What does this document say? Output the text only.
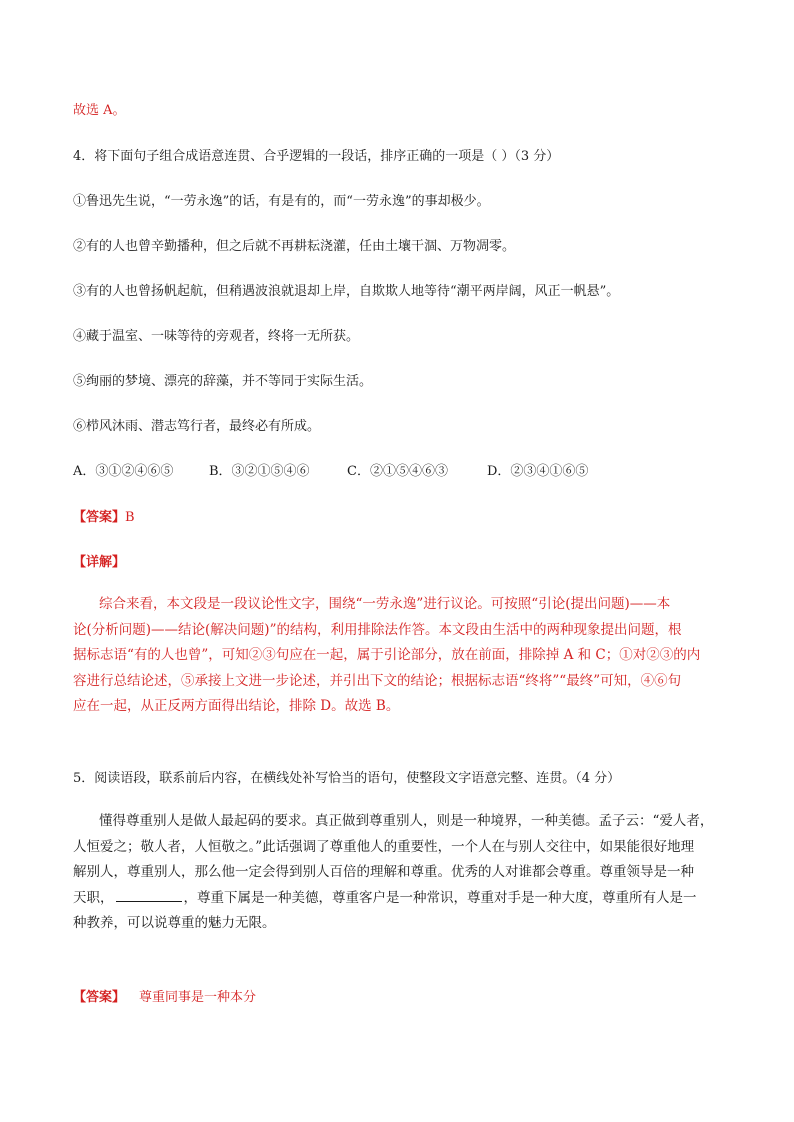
故选 A。
4．将下面句子组合成语意连贯、合乎逻辑的一段话，排序正确的一项是（ ）（3 分）
①鲁迅先生说，“一劳永逸”的话，有是有的，而“一劳永逸”的事却极少。
②有的人也曾辛勤播种，但之后就不再耕耘浇灌，任由土壤干涸、万物凋零。
③有的人也曾扬帆起航，但稍遇波浪就退却上岸，自欺欺人地等待“潮平两岸阔，风正一帆悬”。
④藏于温室、一味等待的旁观者，终将一无所获。
⑤绚丽的梦境、漂亮的辞藻，并不等同于实际生活。
⑥栉风沐雨、潜志笃行者，最终必有所成。
A．③①②④⑥⑤	B．③②①⑤④⑥	C．②①⑤④⑥③	D．②③④①⑥⑤
【答案】B
【详解】
综合来看，本文段是一段议论性文字，围绕“一劳永逸”进行议论。可按照“引论(提出问题)——本
论(分析问题)——结论(解决问题)”的结构，利用排除法作答。本文段由生活中的两种现象提出问题，根
据标志语“有的人也曾”，可知②③句应在一起，属于引论部分，放在前面，排除掉 A 和 C；①对②③的内
容进行总结论述，⑤承接上文进一步论述，并引出下文的结论；根据标志语“终将”“最终”可知，④⑥句
应在一起，从正反两方面得出结论，排除 D。故选 B。
5．阅读语段，联系前后内容，在横线处补写恰当的语句，使整段文字语意完整、连贯。（4 分）
懂得尊重别人是做人最起码的要求。真正做到尊重别人，则是一种境界，一种美德。孟子云：“爱人者，
人恒爱之；敬人者，人恒敬之。”此话强调了尊重他人的重要性，一个人在与别人交往中，如果能很好地理
解别人，尊重别人，那么他一定会得到别人百倍的理解和尊重。优秀的人对谁都会尊重。尊重领导是一种
天职，	，尊重下属是一种美德，尊重客户是一种常识，尊重对手是一种大度，尊重所有人是一
种教养，可以说尊重的魅力无限。
【答案】 尊重同事是一种本分
